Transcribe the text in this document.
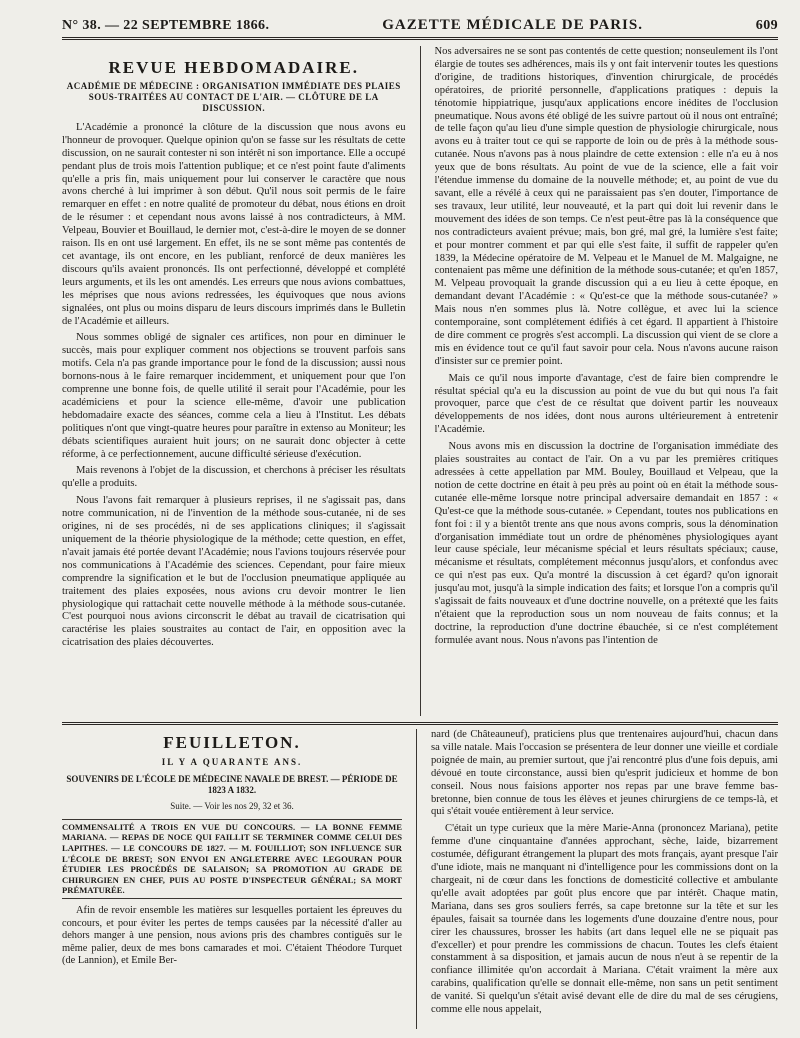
N° 38. — 22 SEPTEMBRE 1866.	GAZETTE MÉDICALE DE PARIS.	609
REVUE HEBDOMADAIRE.
ACADÉMIE DE MÉDECINE : ORGANISATION IMMÉDIATE DES PLAIES SOUS-TRAITÉES AU CONTACT DE L'AIR. — CLÔTURE DE LA DISCUSSION.

L'Académie a prononcé la clôture de la discussion que nous avons eu l'honneur de provoquer. Quelque opinion qu'on se fasse sur les résultats de cette discussion, on ne saurait contester ni son intérêt ni son importance. Elle a occupé pendant plus de trois mois l'attention publique; et ce n'est point faute d'aliments qu'elle a pris fin, mais uniquement pour lui conserver le caractère que nous avons cherché à lui imprimer à son début. Qu'il nous soit permis de le faire remarquer en effet : en notre qualité de promoteur du débat, nous étions en droit de le résumer : et cependant nous avons laissé à nos contradicteurs, à MM. Velpeau, Bouvier et Bouillaud, le dernier mot, c'est-à-dire le moyen de se donner raison. Ils en ont usé largement. En effet, ils ne se sont même pas contentés de cet avantage, ils ont encore, en les publiant, renforcé de deux manières les discours qu'ils avaient prononcés. Ils ont perfectionné, développé et complété leurs arguments, et ils les ont amendés. Les erreurs que nous avions combattues, les méprises que nous avions redressées, les équivoques que nous avions signalées, ont plus ou moins disparu de leurs discours imprimés dans le Bulletin de l'Académie et ailleurs.

Nous sommes obligé de signaler ces artifices, non pour en diminuer le succès, mais pour expliquer comment nos objections se trouvent parfois sans motifs. Cela n'a pas grande importance pour le fond de la discussion; aussi nous bornons-nous à le faire remarquer incidemment, et uniquement pour que l'on comprenne une bonne fois, de quelle utilité il serait pour l'Académie, pour les académiciens et pour la science elle-même, d'avoir une publication hebdomadaire exacte des séances, comme cela a lieu à l'Institut. Les débats politiques n'ont que vingt-quatre heures pour paraître in extenso au Moniteur; les débats scientifiques auraient huit jours; on ne saurait donc objecter à cette réforme, à ce perfectionnement, aucune difficulté sérieuse d'exécution.

Mais revenons à l'objet de la discussion, et cherchons à préciser les résultats qu'elle a produits.

Nous l'avons fait remarquer à plusieurs reprises, il ne s'agissait pas, dans notre communication, ni de l'invention de la méthode sous-cutanée, ni de ses origines, ni de ses procédés, ni de ses applications cliniques; il s'agissait uniquement de la théorie physiologique de la méthode; cette question, en effet, n'avait jamais été portée devant l'Académie; nous l'avions toujours réservée pour nos communications à l'Académie des sciences. Cependant, pour faire mieux comprendre la signification et le but de l'occlusion pneumatique appliquée au traitement des plaies exposées, nous avions cru devoir montrer le lien physiologique qui rattachait cette nouvelle méthode à la méthode sous-cutanée. C'est pourquoi nous avions circonscrit le débat au travail de cicatrisation qui caractérise les plaies soustraites au contact de l'air, en opposition avec la cicatrisation des plaies découvertes.

Nos adversaires ne se sont pas contentés de cette question; nonseulement ils l'ont élargie de toutes ses adhérences, mais ils y ont fait intervenir toutes les questions d'origine, de traditions historiques, d'invention chirurgicale, de procédés opératoires, de priorité personnelle, d'applications pratiques : depuis la ténotomie hippiatrique, jusqu'aux applications encore inédites de l'occlusion pneumatique. Nous avons été obligé de les suivre partout où il nous ont entraîné; de telle façon qu'au lieu d'une simple question de physiologie chirurgicale, nous avons eu à traiter tout ce qui se rapporte de loin ou de près à la méthode sous-cutanée. Nous n'avons pas à nous plaindre de cette extension : elle n'a eu à nos yeux que de bons résultats. Au point de vue de la science, elle a fait voir l'étendue immense du domaine de la nouvelle méthode; et, au point de vue du savant, elle a révélé à ceux qui ne paraissaient pas s'en douter, l'importance de ses travaux, leur utilité, leur nouveauté, et la part qui doit lui revenir dans le mouvement des idées de son temps. Ce n'est peut-être pas là la conséquence que nos contradicteurs avaient prévue; mais, bon gré, mal gré, la lumière s'est faite; et pour montrer comment et par qui elle s'est faite, il suffit de rappeler qu'en 1839, la Médecine opératoire de M. Velpeau et le Manuel de M. Malgaigne, ne contenaient pas même une définition de la méthode sous-cutanée; et qu'en 1857, M. Velpeau provoquait la grande discussion qui a eu lieu à cette époque, en demandant devant l'Académie : « Qu'est-ce que la méthode sous-cutanée? » Mais nous n'en sommes plus là. Notre collègue, et avec lui la science contemporaine, sont complétement édifiés à cet égard. Il appartient à l'histoire de dire comment ce progrès s'est accompli. La discussion qui vient de se clore a mis en évidence tout ce qu'il faut savoir pour cela. Nous n'avons aucune raison d'insister sur ce premier point.

Mais ce qu'il nous importe d'avantage, c'est de faire bien comprendre le résultat spécial qu'a eu la discussion au point de vue du but qui nous l'a fait provoquer, parce que c'est de ce résultat que doivent partir les nouveaux développements de nos idées, dont nous aurons ultérieurement à entretenir l'Académie.

Nous avons mis en discussion la doctrine de l'organisation immédiate des plaies soustraites au contact de l'air. On a vu par les premières critiques adressées à cette appellation par MM. Bouley, Bouillaud et Velpeau, que la notion de cette doctrine en était à peu près au point où en était la méthode sous-cutanée elle-même lorsque notre principal adversaire demandait en 1857 : « Qu'est-ce que la méthode sous-cutanée. » Cependant, toutes nos publications en font foi : il y a bientôt trente ans que nous avons compris, sous la dénomination d'organisation immédiate tout un ordre de phénomènes physiologiques ayant leur cause spéciale, leur mécanisme spécial et leurs résultats spéciaux; cause, mécanisme et résultats, complétement méconnus jusqu'alors, et confondus avec ce qui n'est pas eux. Qu'a montré la discussion à cet égard? qu'on ignorait jusqu'au mot, jusqu'à la simple indication des faits; et lorsque l'on a compris qu'il s'agissait de faits nouveaux et d'une doctrine nouvelle, on a prétexté que les faits n'étaient que la reproduction sous un nom nouveau de faits connus; et la doctrine, la reproduction d'une doctrine ébauchée, si ce n'est complétement formulée avant nous. Nous n'avons pas l'intention de

FEUILLETON.
IL Y A QUARANTE ANS.
SOUVENIRS DE L'ÉCOLE DE MÉDECINE NAVALE DE BREST. — PÉRIODE DE 1823 A 1832.
Suite. — Voir les nos 29, 32 et 36.
COMMENSALITÉ A TROIS EN VUE DU CONCOURS. — LA BONNE FEMME MARIANA. — REPAS DE NOCE QUI FAILLIT SE TERMINER COMME CELUI DES LAPITHES. — LE CONCOURS DE 1827. — M. FOUILLIOT; SON INFLUENCE SUR L'ÉCOLE DE BREST; SON ENVOI EN ANGLETERRE AVEC LEGOURAN POUR ÉTUDIER LES PROCÉDÉS DE SALAISON; SA PROMOTION AU GRADE DE CHIRURGIEN EN CHEF, PUIS AU POSTE D'INSPECTEUR GÉNÉRAL; SA MORT PRÉMATURÉE.

Afin de revoir ensemble les matières sur lesquelles portaient les épreuves du concours, et pour éviter les pertes de temps causées par la nécessité d'aller au dehors manger à une pension, nous avions pris des chambres contiguës sur le même palier, deux de mes bons camarades et moi. C'étaient Théodore Turquet (de Lannion), et Emile Ber-

nard (de Châteauneuf), praticiens plus que trentenaires aujourd'hui, chacun dans sa ville natale. Mais l'occasion se présentera de leur donner une vieille et cordiale poignée de main, au premier surtout, que j'ai rencontré plus d'une fois depuis, ami dévoué en toute circonstance, aussi bien qu'esprit judicieux et homme de bon conseil. Nous nous faisions apporter nos repas par une brave femme bas-bretonne, bien connue de tous les élèves et jeunes chirurgiens de ce temps-là, et qui s'était vouée entièrement à leur service.

C'était un type curieux que la mère Marie-Anna (prononcez Mariana), petite femme d'une cinquantaine d'années approchant, sèche, laide, bizarrement costumée, défigurant étrangement la plupart des mots français, ayant presque l'air d'une idiote, mais ne manquant ni d'intelligence pour les commissions dont on la chargeait, ni de cœur dans les fonctions de domesticité collective et ambulante qu'elle avait adoptées par goût plus encore que par intérêt. Chaque matin, Mariana, dans ses gros souliers ferrés, sa cape bretonne sur la tête et sur les épaules, faisait sa tournée dans les logements d'une douzaine d'entre nous, pour cirer les chaussures, brosser les habits (art dans lequel elle ne se piquait pas d'exceller) et pour prendre les commissions de chacun. Toutes les clefs étaient constamment à sa disposition, et jamais aucun de nous n'eut à se repentir de la confiance illimitée qu'on accordait à Mariana. C'était vraiment la mère aux carabins, qualification qu'elle se donnait elle-même, non sans un petit sentiment de vanité. Si quelqu'un s'était avisé devant elle de dire du mal de ses cérugiens, comme elle nous appelait,
